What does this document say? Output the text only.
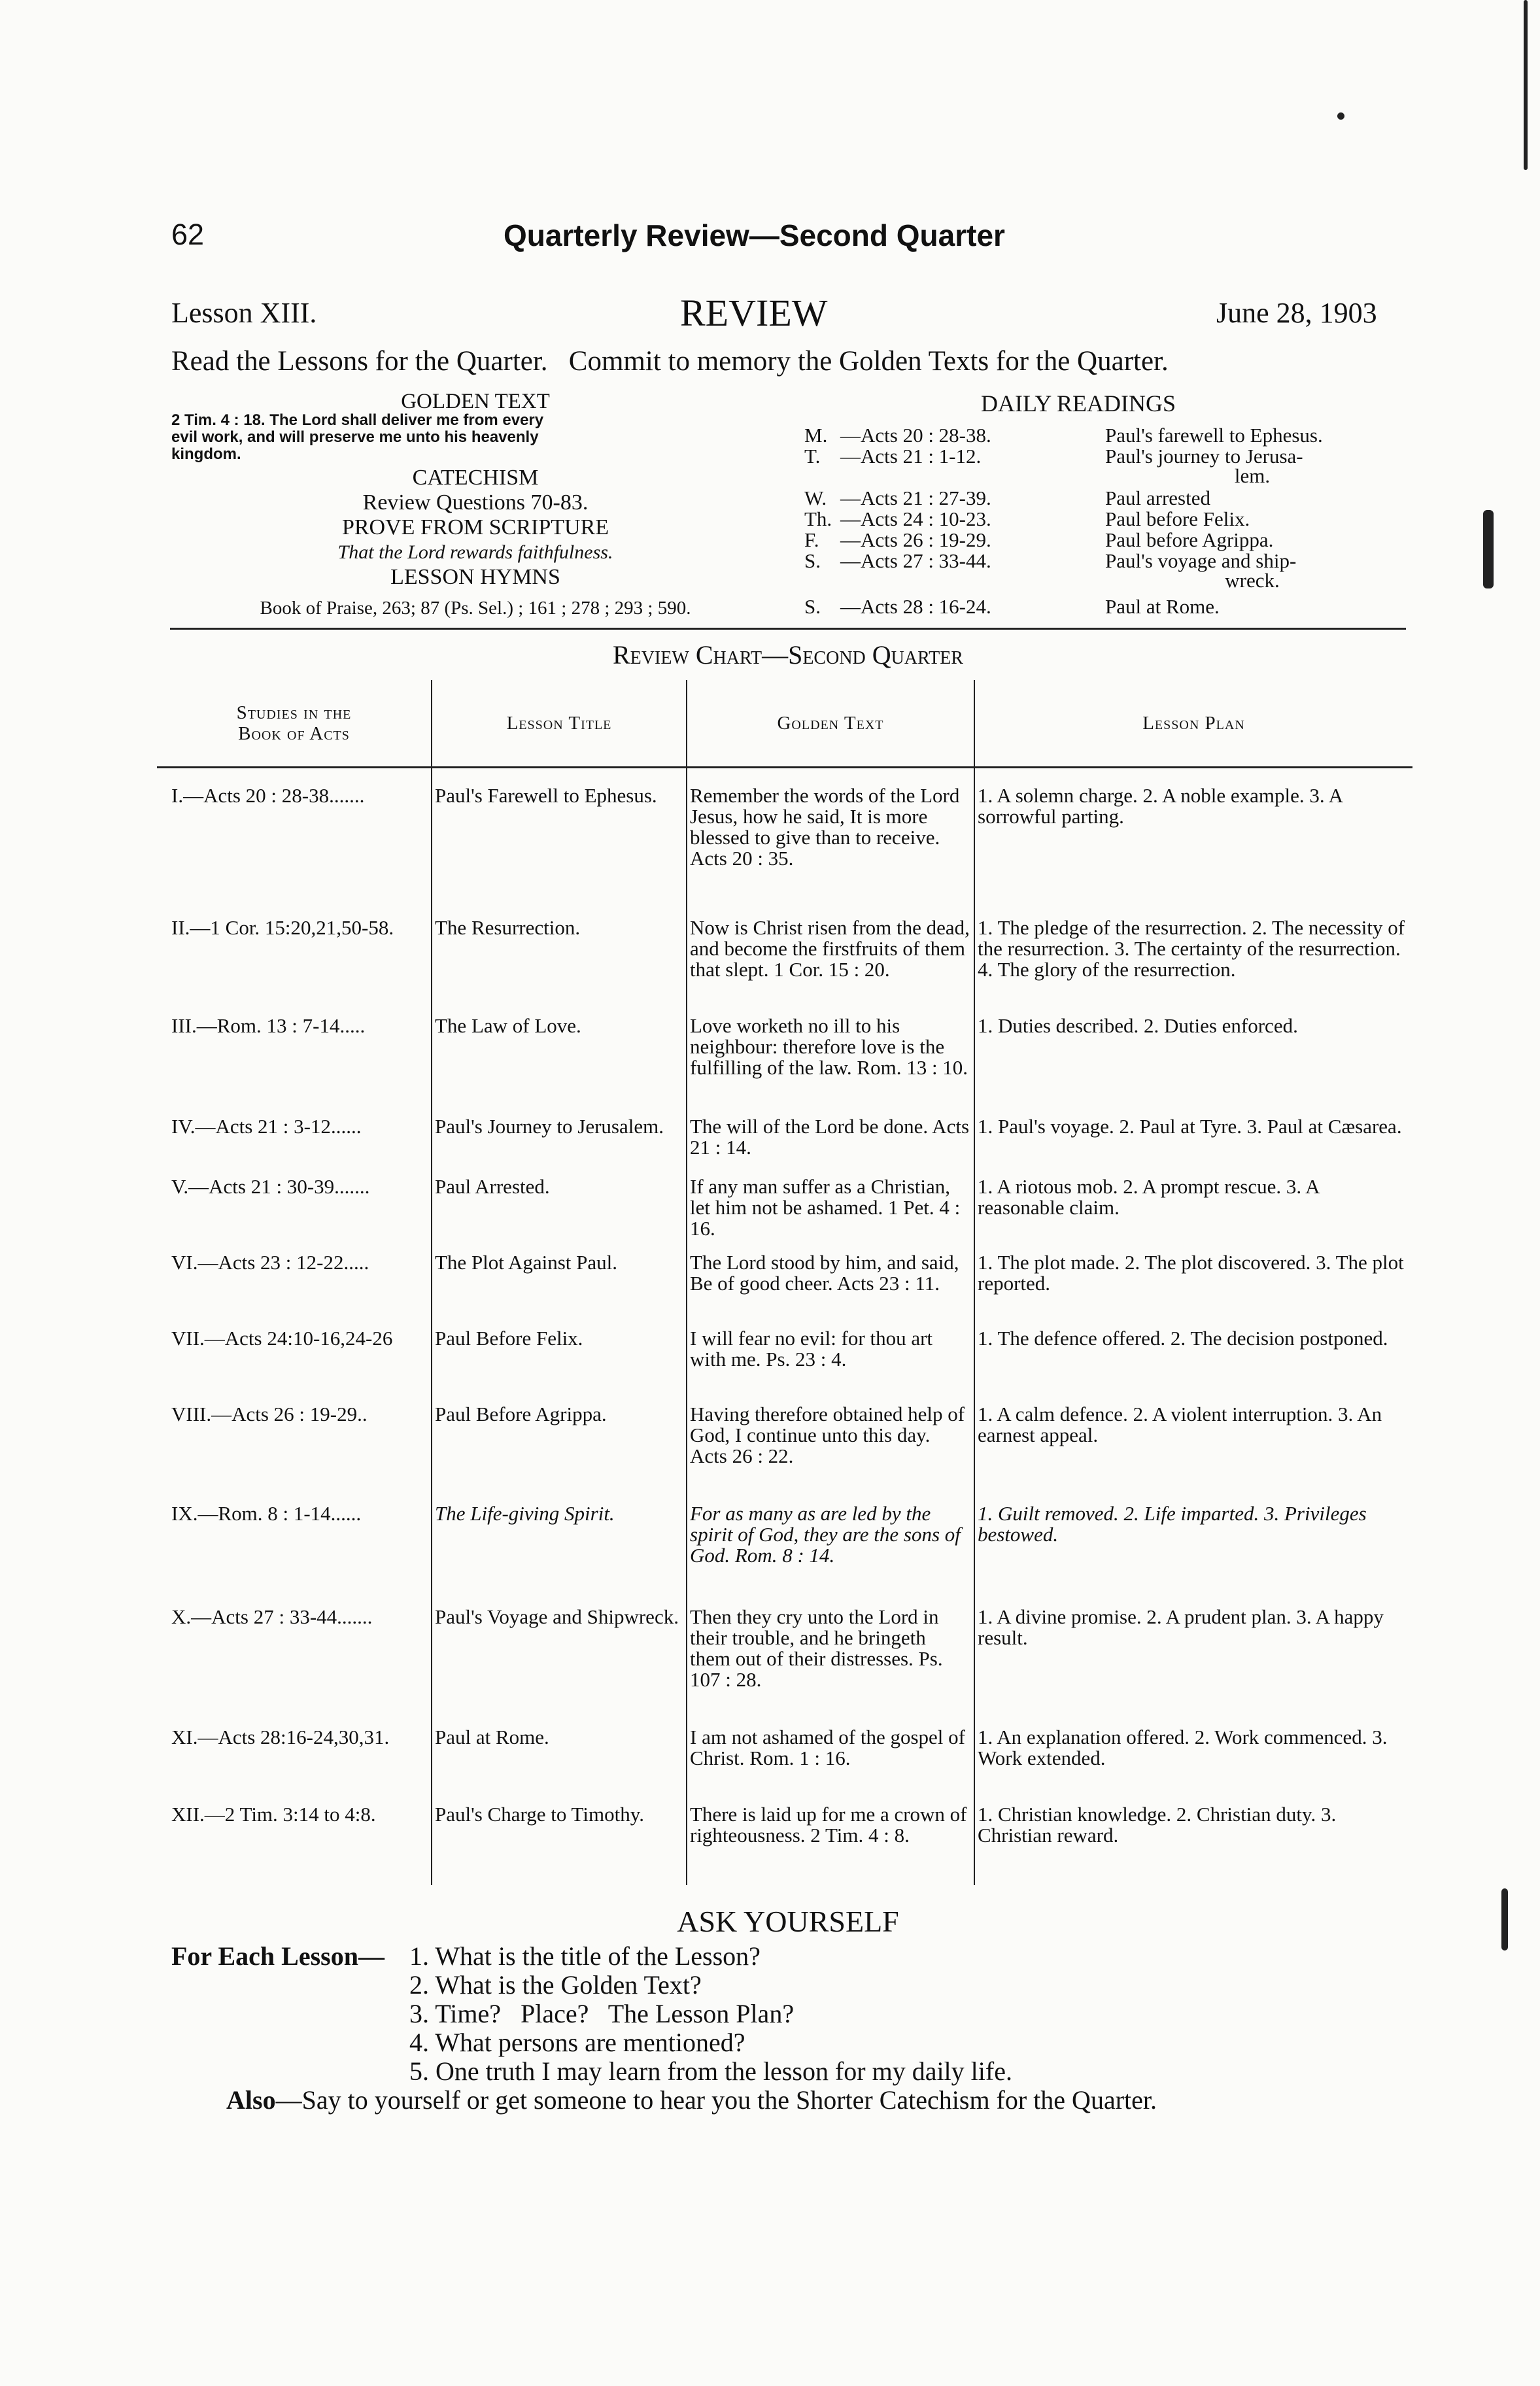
62	Quarterly Review—Second Quarter
Lesson XIII.	REVIEW	June 28, 1903
Read the Lessons for the Quarter.   Commit to memory the Golden Texts for the Quarter.
GOLDEN TEXT
2 Tim. 4 : 18. The Lord shall deliver me from every
evil work, and will preserve me unto his heavenly
kingdom.
CATECHISM
Review Questions 70-83.
PROVE FROM SCRIPTURE
That the Lord rewards faithfulness.
LESSON HYMNS
Book of Praise, 263; 87 (Ps. Sel.) ; 161 ; 278 ; 293 ; 590.
DAILY READINGS
M. —Acts 20 : 28-38.	Paul's farewell to Ephesus.
T. —Acts 21 : 1-12.	Paul's journey to Jerusa-
lem.
W. —Acts 21 : 27-39.	Paul arrested
Th. —Acts 24 : 10-23.	Paul before Felix.
F. —Acts 26 : 19-29.	Paul before Agrippa.
S. —Acts 27 : 33-44.	Paul's voyage and ship-
wreck.
S. —Acts 28 : 16-24.	Paul at Rome.
Review Chart—Second Quarter
Studies in the Book of Acts	Lesson Title	Golden Text	Lesson Plan

I.—Acts 20 : 28-38.......	Paul's Farewell to Ephesus.	Remember the words of the Lord Jesus, how he said, It is more blessed to give than to receive. Acts 20 : 35.	1. A solemn charge. 2. A noble example. 3. A sorrowful parting.
II.—1 Cor. 15:20,21,50-58.	The Resurrection.	Now is Christ risen from the dead, and become the firstfruits of them that slept. 1 Cor. 15 : 20.	1. The pledge of the resurrection. 2. The necessity of the resurrection. 3. The certainty of the resurrection. 4. The glory of the resurrection.
III.—Rom. 13 : 7-14.....	The Law of Love.	Love worketh no ill to his neighbour: therefore love is the fulfilling of the law. Rom. 13 : 10.	1. Duties described. 2. Duties enforced.
IV.—Acts 21 : 3-12......	Paul's Journey to Jerusalem.	The will of the Lord be done. Acts 21 : 14.	1. Paul's voyage. 2. Paul at Tyre. 3. Paul at Cæsarea.
V.—Acts 21 : 30-39.......	Paul Arrested.	If any man suffer as a Christian, let him not be ashamed. 1 Pet. 4 : 16.	1. A riotous mob. 2. A prompt rescue. 3. A reasonable claim.
VI.—Acts 23 : 12-22.....	The Plot Against Paul.	The Lord stood by him, and said, Be of good cheer. Acts 23 : 11.	1. The plot made. 2. The plot discovered. 3. The plot reported.
VII.—Acts 24:10-16,24-26	Paul Before Felix.	I will fear no evil: for thou art with me. Ps. 23 : 4.	1. The defence offered. 2. The decision postponed.
VIII.—Acts 26 : 19-29..	Paul Before Agrippa.	Having therefore obtained help of God, I continue unto this day. Acts 26 : 22.	1. A calm defence. 2. A violent interruption. 3. An earnest appeal.
IX.—Rom. 8 : 1-14......	The Life-giving Spirit.	For as many as are led by the spirit of God, they are the sons of God. Rom. 8 : 14.	1. Guilt removed. 2. Life imparted. 3. Privileges bestowed.
X.—Acts 27 : 33-44.......	Paul's Voyage and Shipwreck.	Then they cry unto the Lord in their trouble, and he bringeth them out of their distresses. Ps. 107 : 28.	1. A divine promise. 2. A prudent plan. 3. A happy result.
XI.—Acts 28:16-24,30,31.	Paul at Rome.	I am not ashamed of the gospel of Christ. Rom. 1 : 16.	1. An explanation offered. 2. Work commenced. 3. Work extended.
XII.—2 Tim. 3:14 to 4:8.	Paul's Charge to Timothy.	There is laid up for me a crown of righteousness. 2 Tim. 4 : 8.	1. Christian knowledge. 2. Christian duty. 3. Christian reward.
ASK YOURSELF
For Each Lesson— 1. What is the title of the Lesson?
2. What is the Golden Text?
3. Time?   Place?   The Lesson Plan?
4. What persons are mentioned?
5. One truth I may learn from the lesson for my daily life.
Also—Say to yourself or get someone to hear you the Shorter Catechism for the Quarter.
